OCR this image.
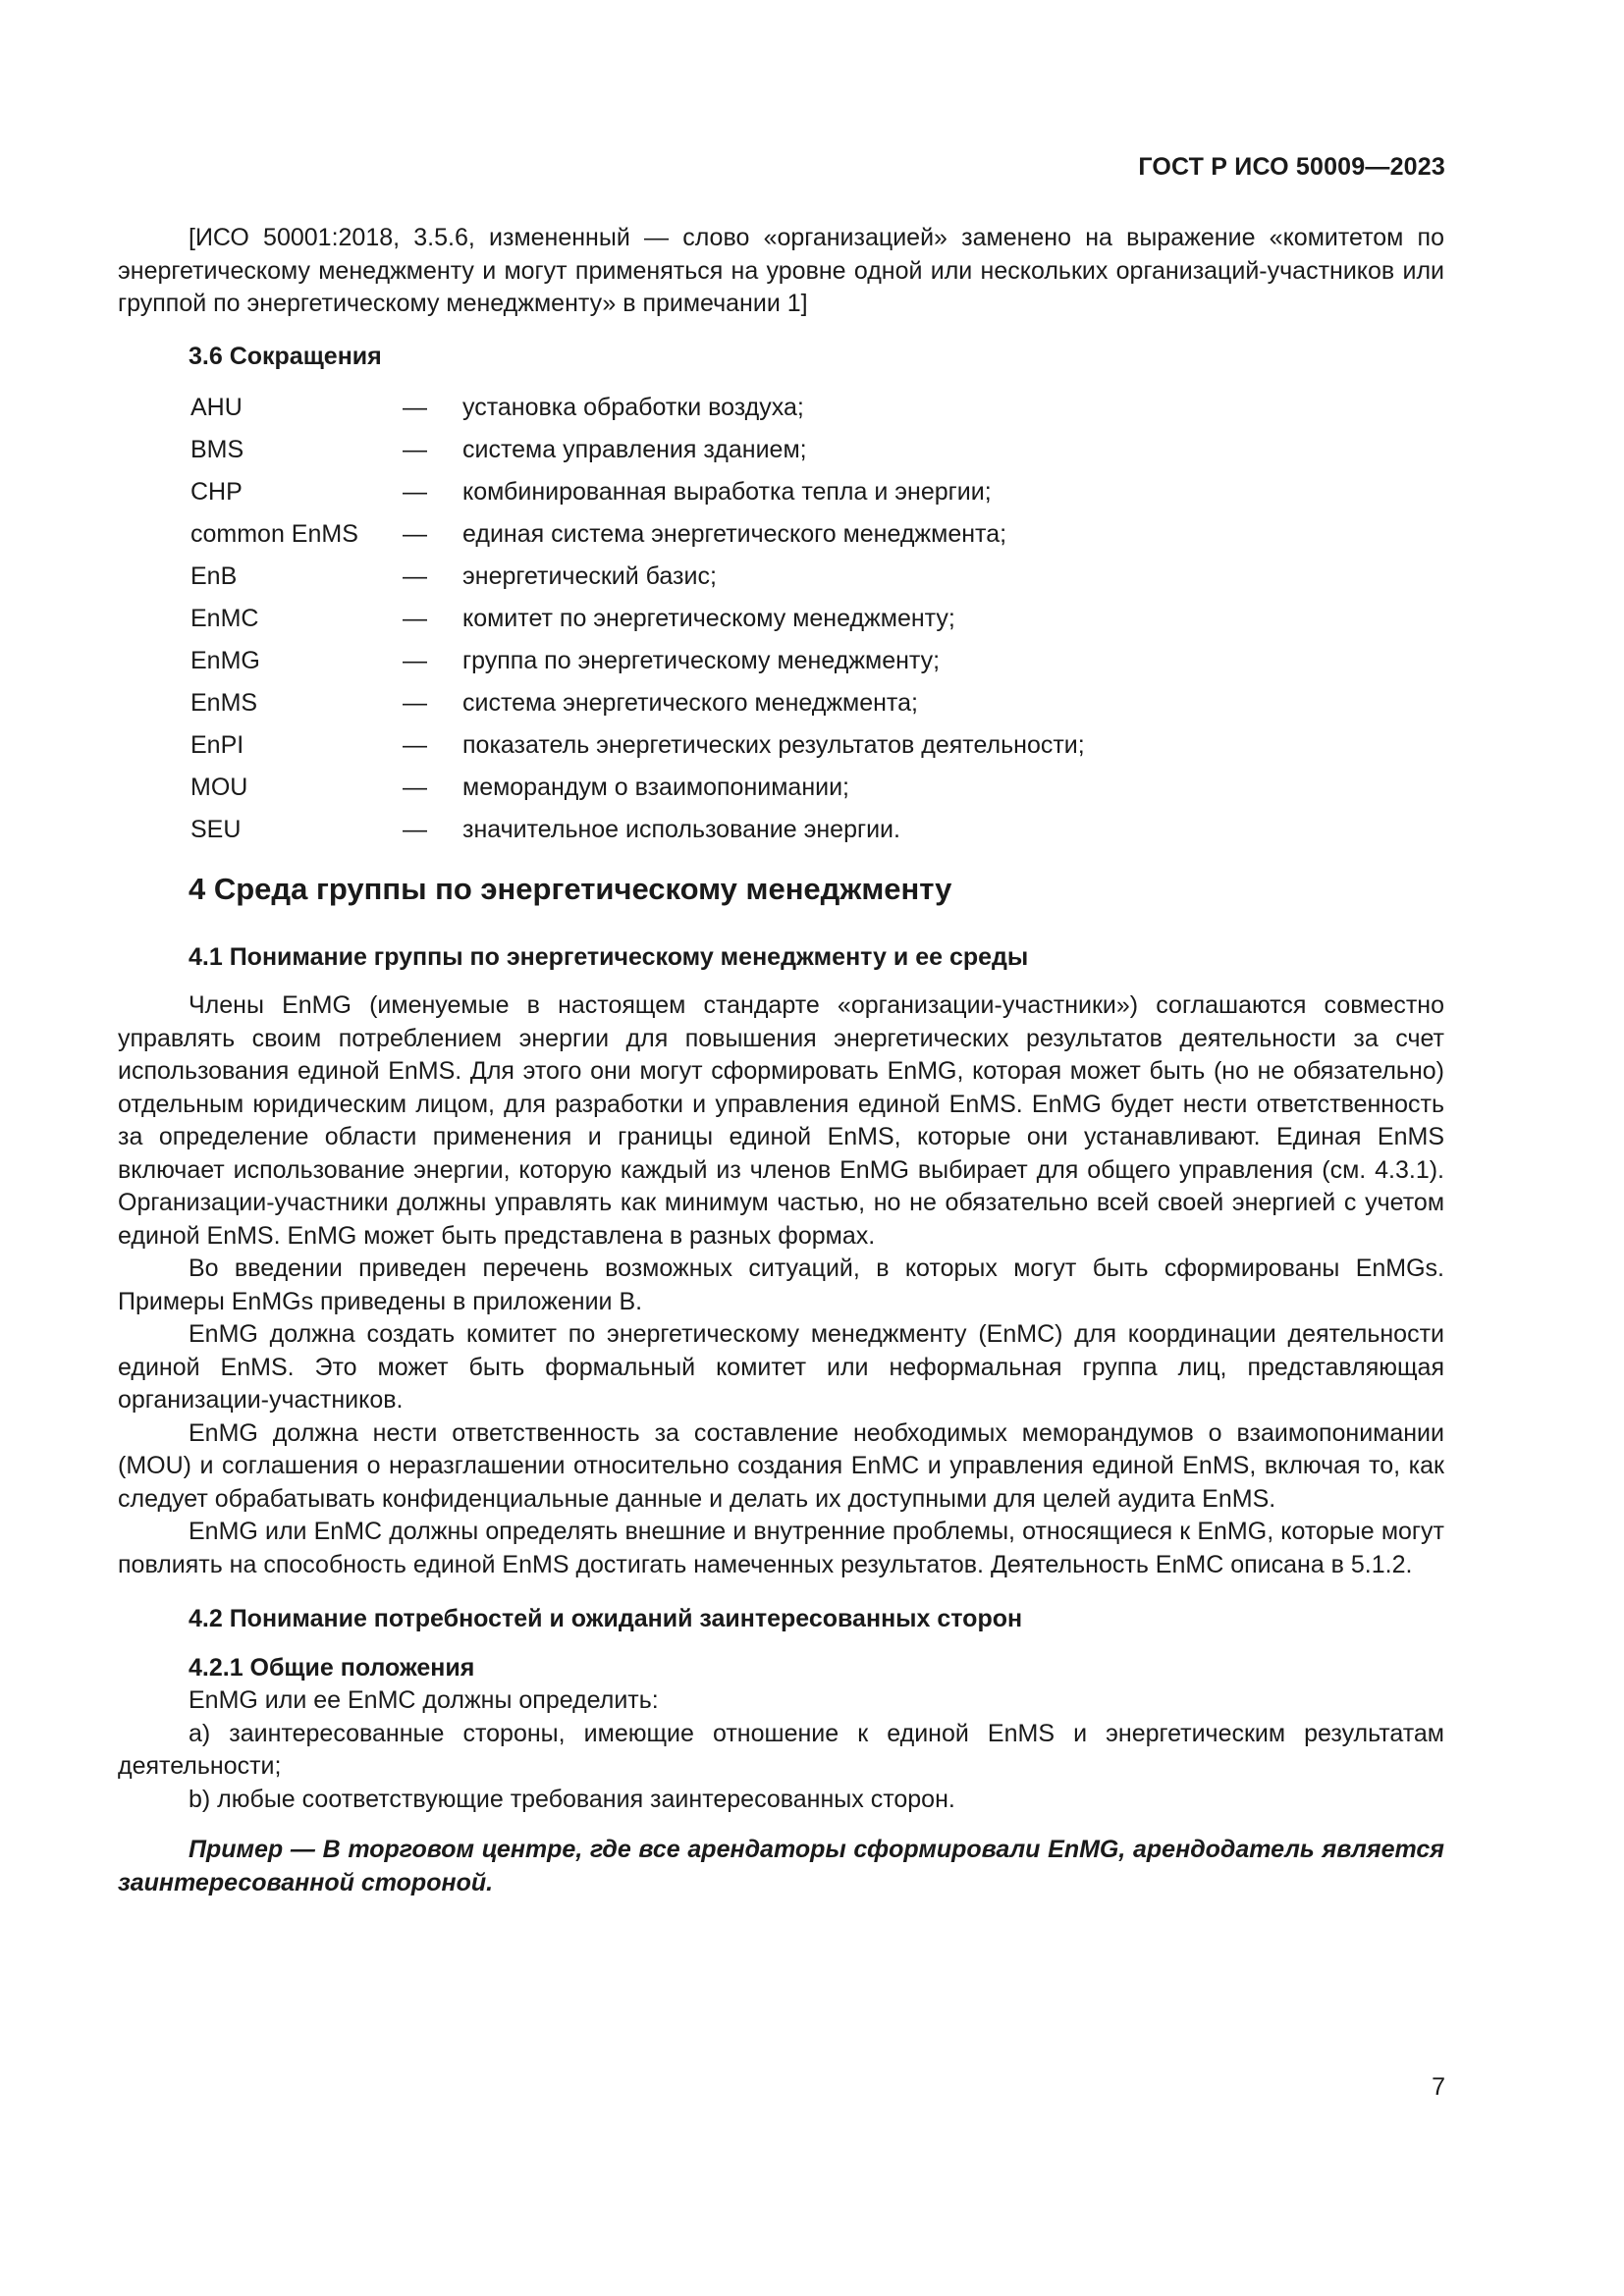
ГОСТ Р ИСО 50009—2023

[ИСО 50001:2018, 3.5.6, измененный — слово «организацией» заменено на выражение «комитетом по энергетическому менеджменту и могут применяться на уровне одной или нескольких организаций-участников или группой по энергетическому менеджменту» в примечании 1]

3.6 Сокращения
AHU	—	установка обработки воздуха;
BMS	—	система управления зданием;
CHP	—	комбинированная выработка тепла и энергии;
common EnMS	—	единая система энергетического менеджмента;
EnB	—	энергетический базис;
EnMC	—	комитет по энергетическому менеджменту;
EnMG	—	группа по энергетическому менеджменту;
EnMS	—	система энергетического менеджмента;
EnPI	—	показатель энергетических результатов деятельности;
MOU	—	меморандум о взаимопонимании;
SEU	—	значительное использование энергии.
4 Среда группы по энергетическому менеджменту
4.1 Понимание группы по энергетическому менеджменту и ее среды

Члены EnMG (именуемые в настоящем стандарте «организации-участники») соглашаются совместно управлять своим потреблением энергии для повышения энергетических результатов деятельности за счет использования единой EnMS. Для этого они могут сформировать EnMG, которая может быть (но не обязательно) отдельным юридическим лицом, для разработки и управления единой EnMS. EnMG будет нести ответственность за определение области применения и границы единой EnMS, которые они устанавливают. Единая EnMS включает использование энергии, которую каждый из членов EnMG выбирает для общего управления (см. 4.3.1). Организации-участники должны управлять как минимум частью, но не обязательно всей своей энергией с учетом единой EnMS. EnMG может быть представлена в разных формах.

Во введении приведен перечень возможных ситуаций, в которых могут быть сформированы EnMGs. Примеры EnMGs приведены в приложении В.

EnMG должна создать комитет по энергетическому менеджменту (EnMC) для координации деятельности единой EnMS. Это может быть формальный комитет или неформальная группа лиц, представляющая организации-участников.

EnMG должна нести ответственность за составление необходимых меморандумов о взаимопонимании (MOU) и соглашения о неразглашении относительно создания EnMC и управления единой EnMS, включая то, как следует обрабатывать конфиденциальные данные и делать их доступными для целей аудита EnMS.

EnMG или EnMC должны определять внешние и внутренние проблемы, относящиеся к EnMG, которые могут повлиять на способность единой EnMS достигать намеченных результатов. Деятельность EnMC описана в 5.1.2.

4.2 Понимание потребностей и ожиданий заинтересованных сторон
4.2.1 Общие положения

EnMG или ее EnMC должны определить:

a) заинтересованные стороны, имеющие отношение к единой EnMS и энергетическим результатам деятельности;

b) любые соответствующие требования заинтересованных сторон.

Пример — В торговом центре, где все арендаторы сформировали EnMG, арендодатель является заинтересованной стороной.

7
